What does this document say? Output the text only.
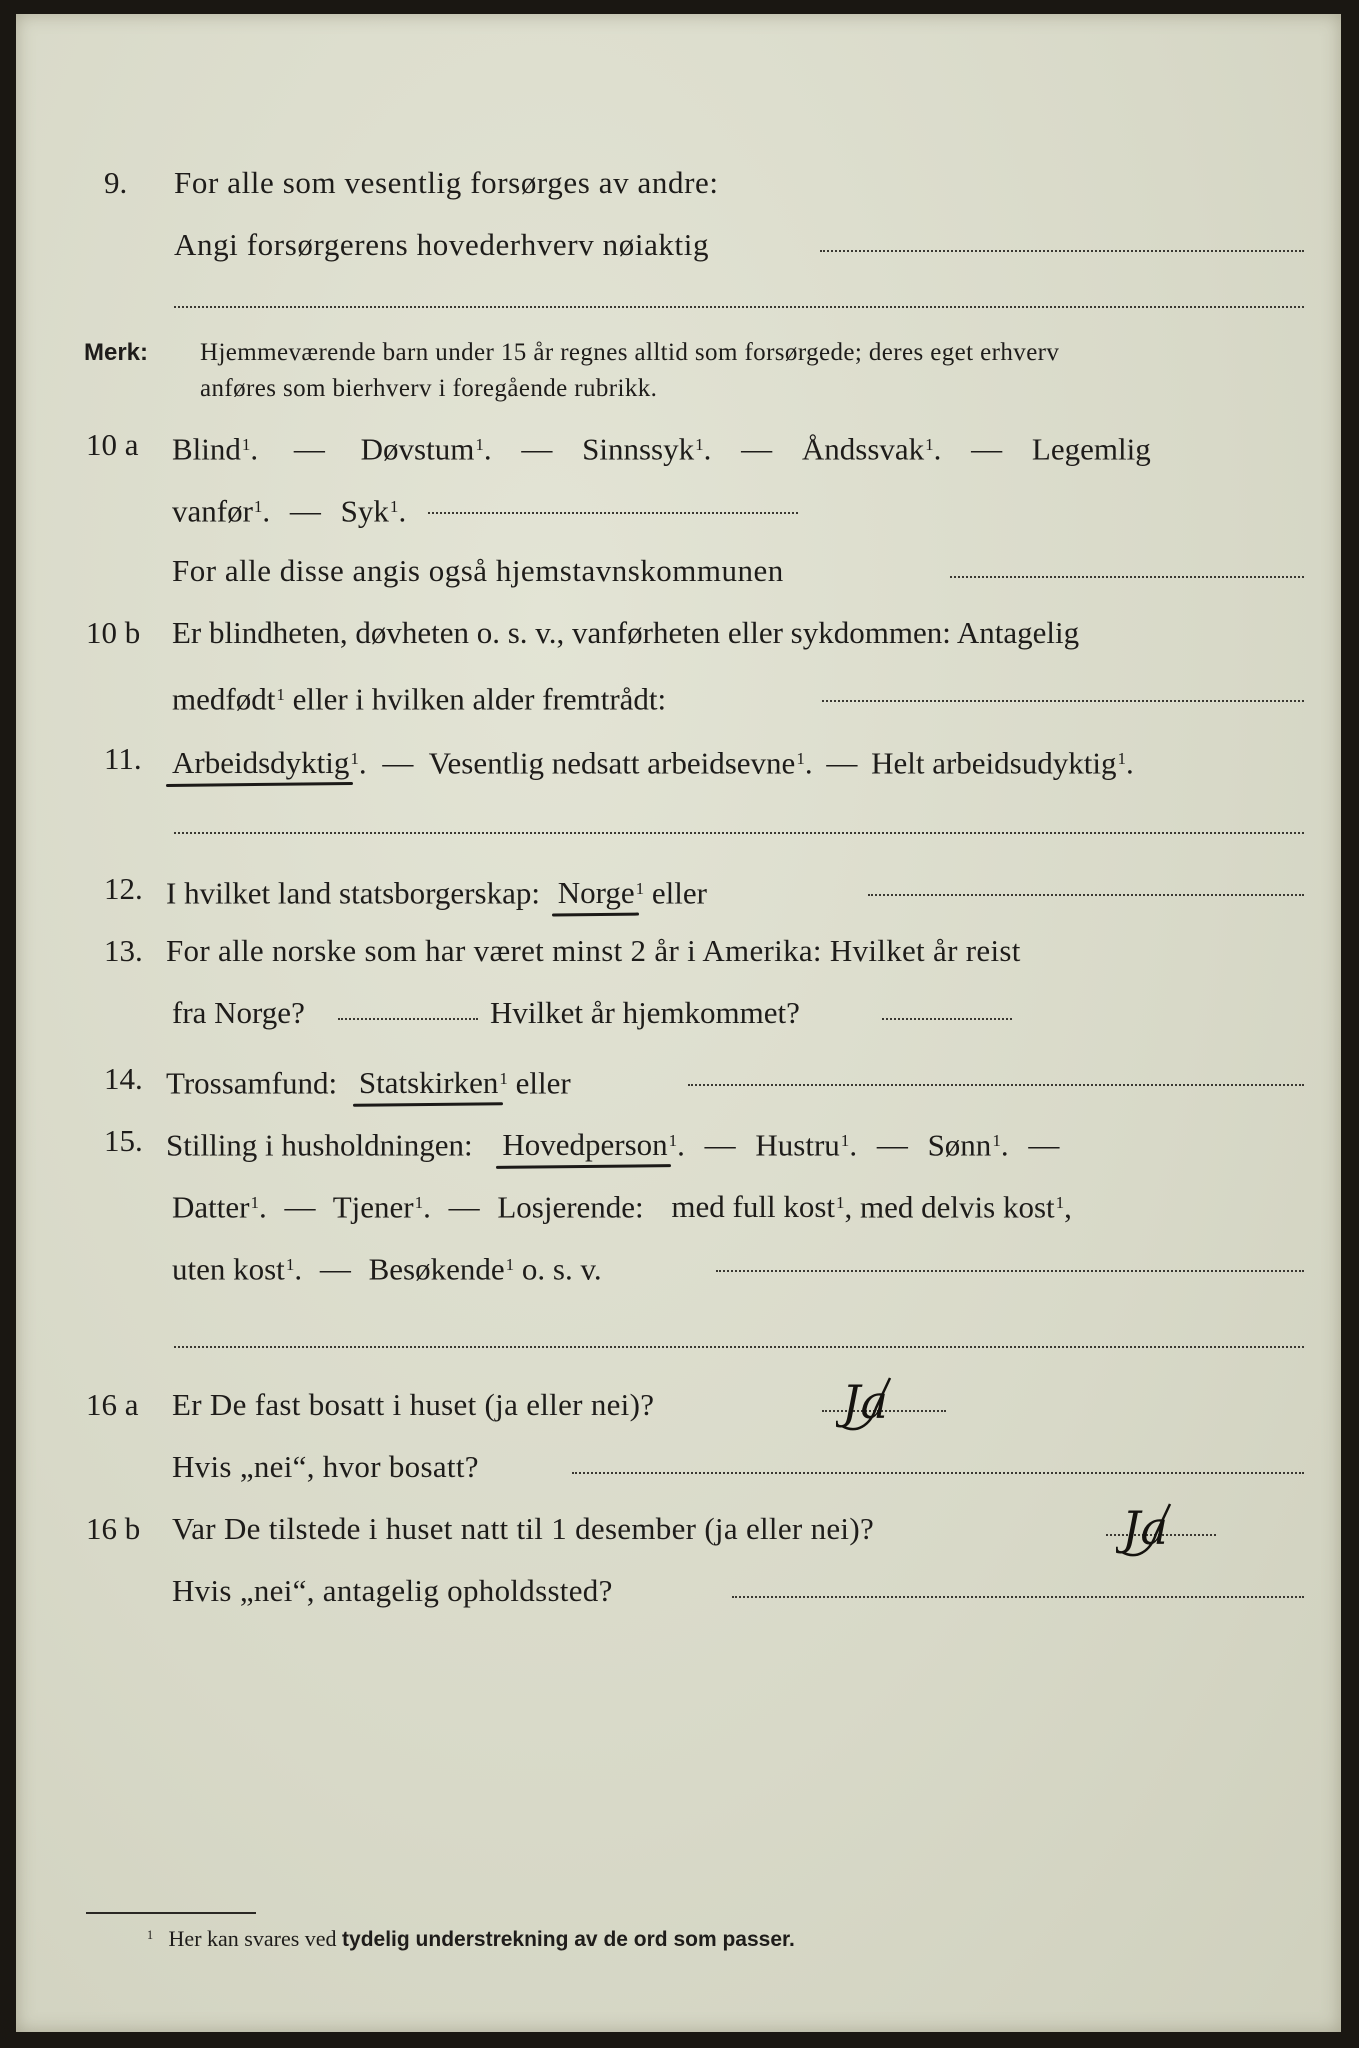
9.	For alle som vesentlig forsørges av andre:
Angi forsørgerens hovederhverv nøiaktig
Merk: Hjemmeværende barn under 15 år regnes alltid som forsørgede; deres eget erhverv
anføres som bierhverv i foregående rubrikk.
10 a	Blind$^1$. — Døvstum$^1$. — Sinnssyk$^1$. — Åndssvak$^1$. — Legemlig
vanfør$^1$. — Syk$^1$.
For alle disse angis også hjemstavnskommunen
10 b	Er blindheten, døvheten o. s. v., vanførheten eller sykdommen: Antagelig
medfødt$^1$ eller i hvilken alder fremtrådt:
11. Arbeidsdyktig$^1$. — Vesentlig nedsatt arbeidsevne$^1$. — Helt arbeidsudyktig$^1$.
12. I hvilket land statsborgerskap: Norge$^1$ eller
13. For alle norske som har været minst 2 år i Amerika: Hvilket år reist
fra Norge?	Hvilket år hjemkommet?
14. Trossamfund: Statskirken$^1$ eller
15. Stilling i husholdningen: Hovedperson$^1$. — Hustru$^1$. — Sønn$^1$. —
Datter$^1$. — Tjener$^1$. — Losjerende: med full kost$^1$, med delvis kost$^1$,
uten kost$^1$. — Besøkende$^1$ o. s. v.
16 a	Er De fast bosatt i huset (ja eller nei)?	Ja
Hvis „nei“, hvor bosatt?
16 b	Var De tilstede i huset natt til 1 desember (ja eller nei)?	Ja
Hvis „nei“, antagelig opholdssted?
$^1$ Her kan svares ved tydelig understrekning av de ord som passer.
